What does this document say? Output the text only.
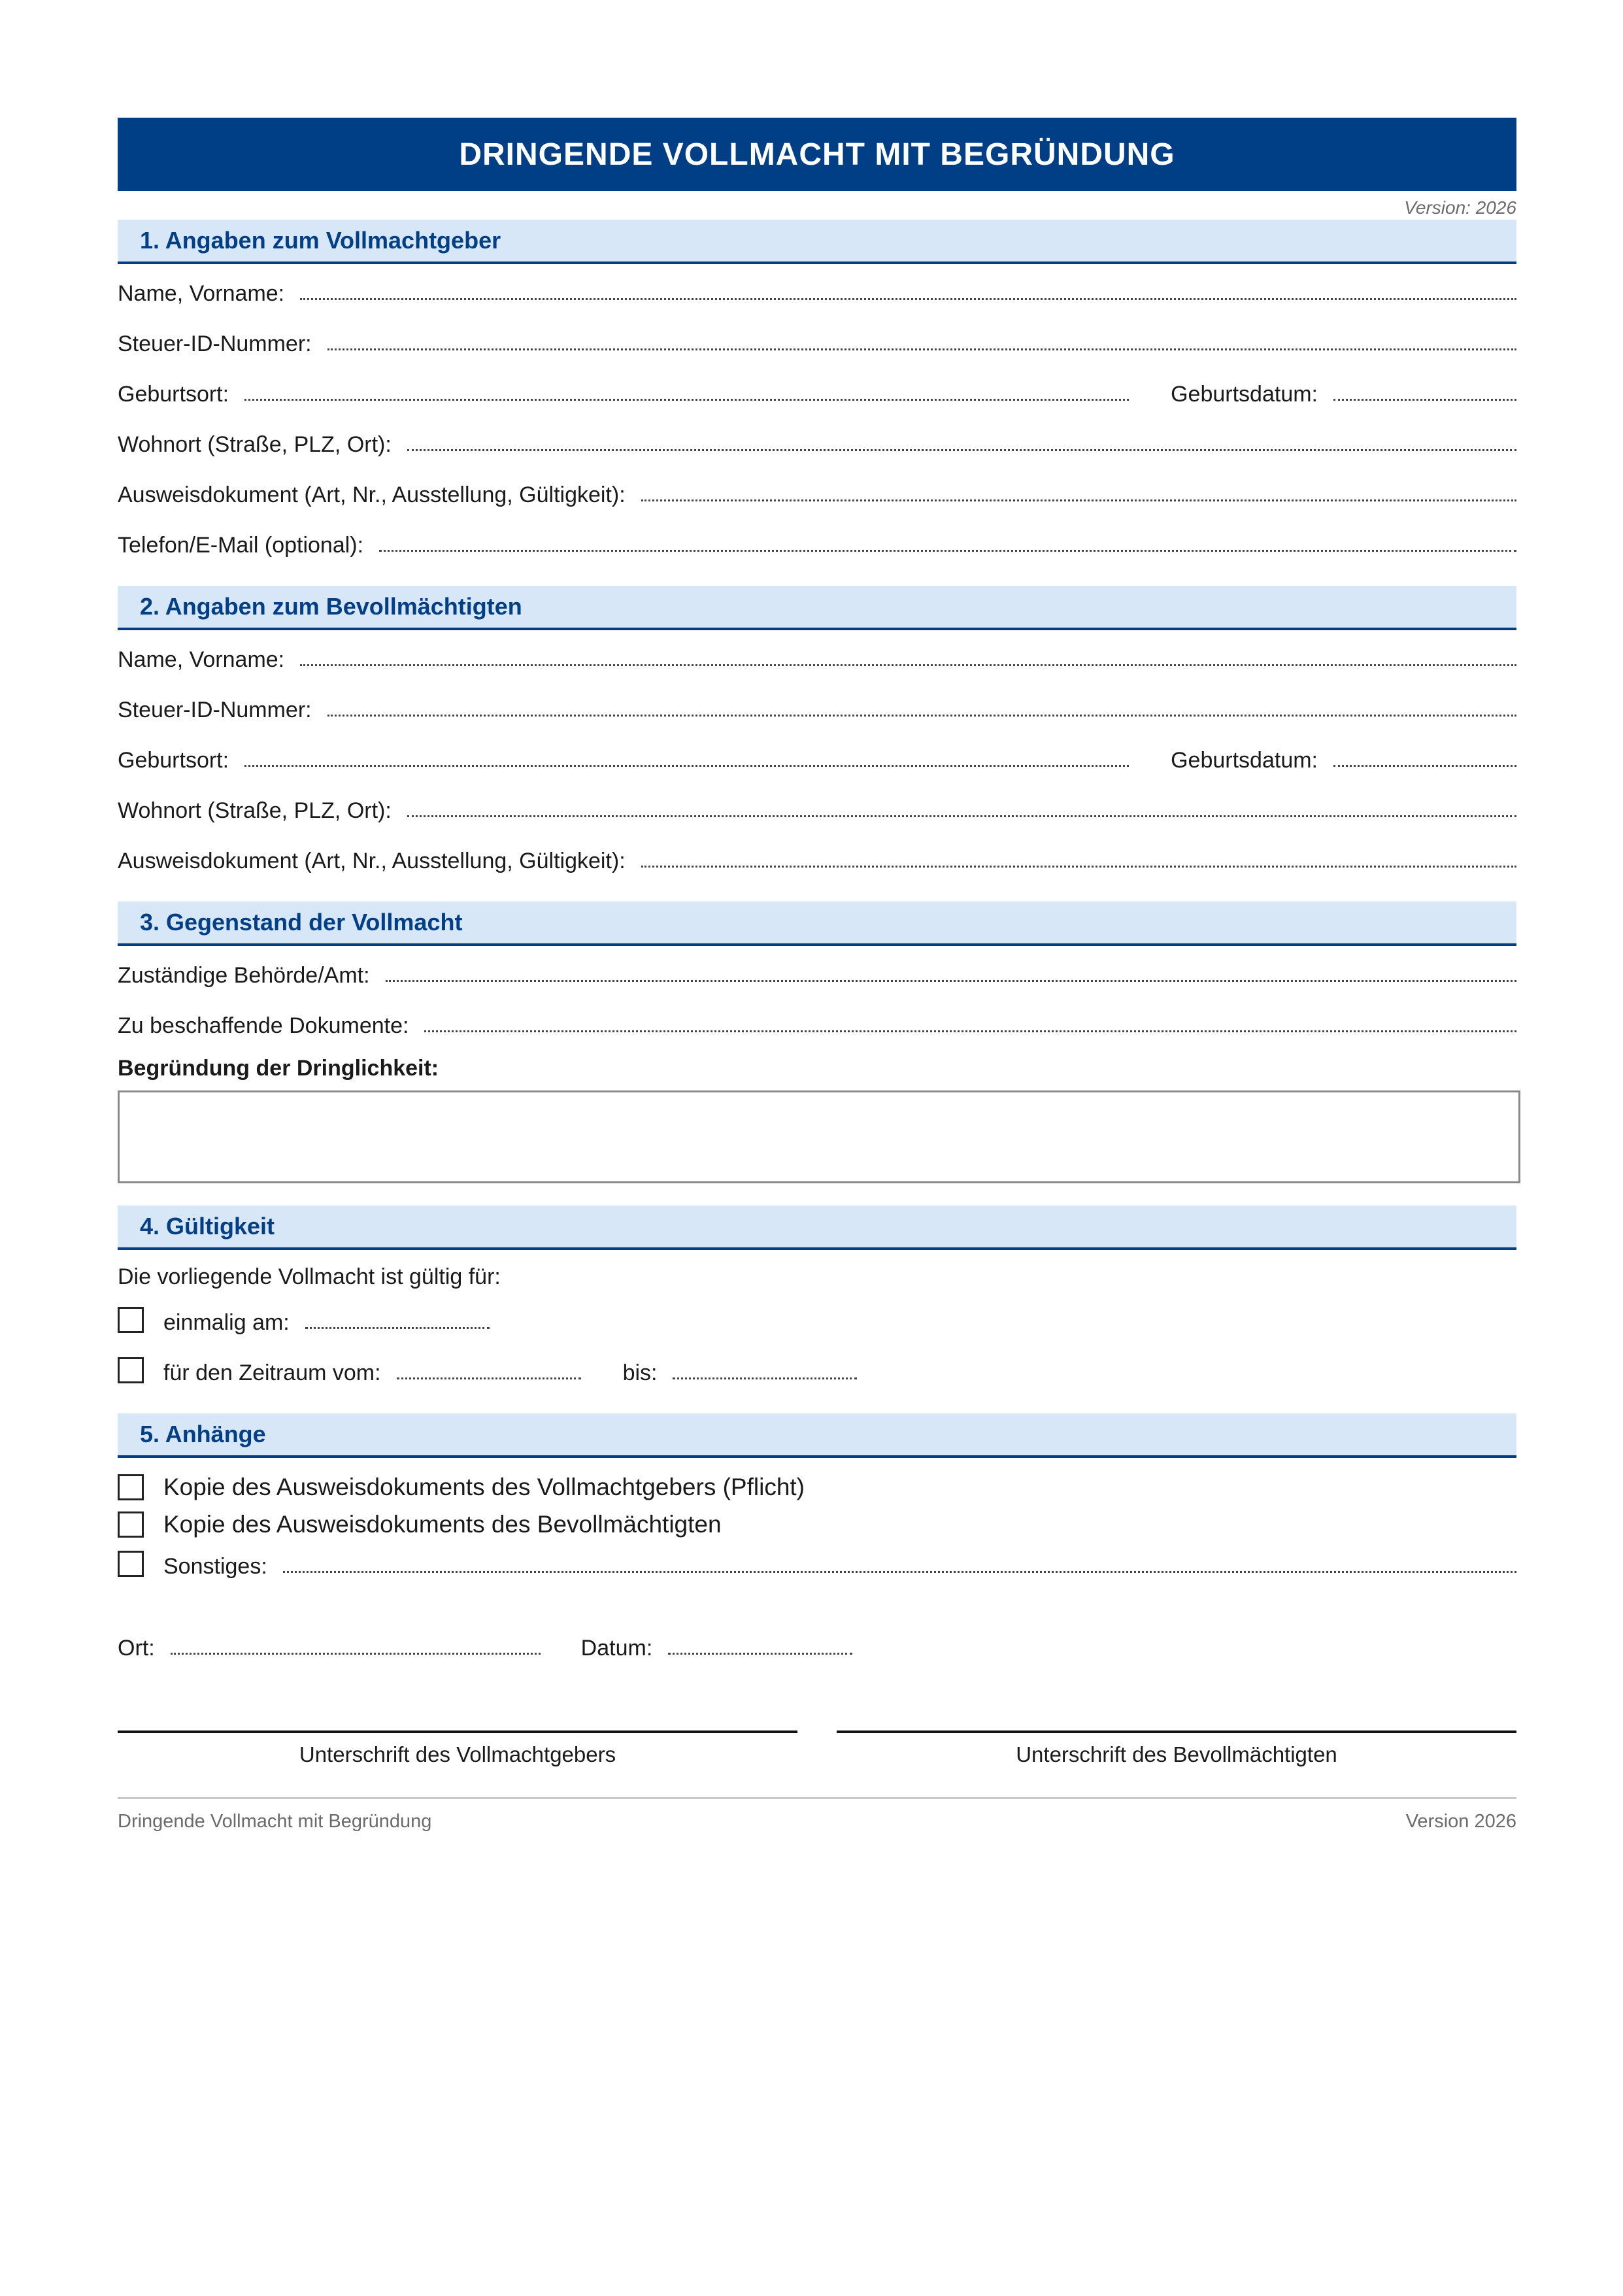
DRINGENDE VOLLMACHT MIT BEGRÜNDUNG
Version: 2026
1. Angaben zum Vollmachtgeber
Name, Vorname:
Steuer-ID-Nummer:
Geburtsort:	Geburtsdatum:
Wohnort (Straße, PLZ, Ort):
Ausweisdokument (Art, Nr., Ausstellung, Gültigkeit):
Telefon/E-Mail (optional):
2. Angaben zum Bevollmächtigten
Name, Vorname:
Steuer-ID-Nummer:
Geburtsort:	Geburtsdatum:
Wohnort (Straße, PLZ, Ort):
Ausweisdokument (Art, Nr., Ausstellung, Gültigkeit):
3. Gegenstand der Vollmacht
Zuständige Behörde/Amt:
Zu beschaffende Dokumente:
Begründung der Dringlichkeit:
4. Gültigkeit
Die vorliegende Vollmacht ist gültig für:
einmalig am:
für den Zeitraum vom:	bis:
5. Anhänge
Kopie des Ausweisdokuments des Vollmachtgebers (Pflicht)
Kopie des Ausweisdokuments des Bevollmächtigten
Sonstiges:
Ort:	Datum:
Unterschrift des Vollmachtgebers	Unterschrift des Bevollmächtigten
Dringende Vollmacht mit Begründung	Version 2026
